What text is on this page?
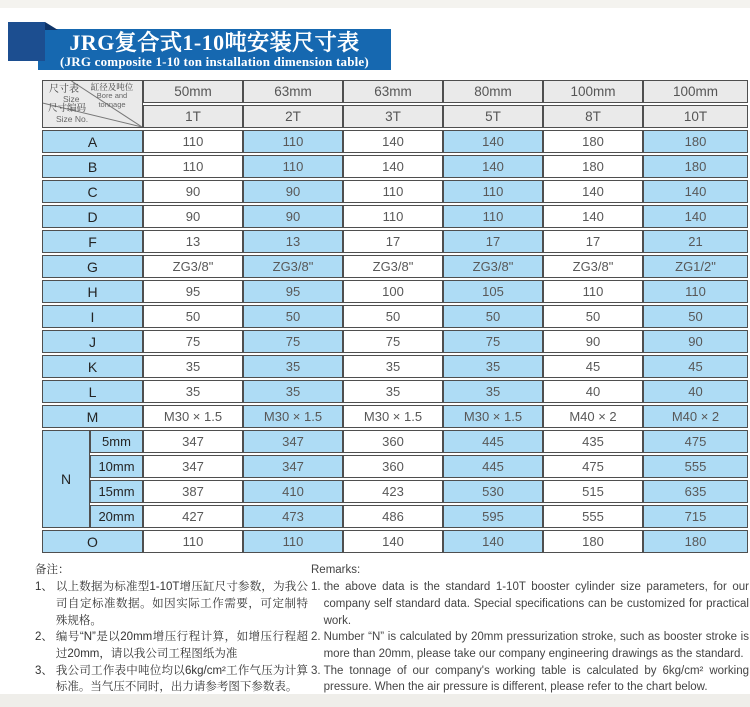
JRG复合式1-10吨安装尺寸表
(JRG composite 1-10 ton installation dimension table)
缸径及吨位
Bore and tonnage
尺寸表
Size
尺寸编码
Size No.
	50mm	63mm	63mm	80mm	100mm	100mm
		1T	2T	3T	5T	8T	10T
A		110	110	140	140	180	180
B		110	110	140	140	180	180
C		90	90	110	110	140	140
D		90	90	110	110	140	140
F		13	13	17	17	17	21
G		ZG3/8"	ZG3/8"	ZG3/8"	ZG3/8"	ZG3/8"	ZG1/2"
H		95	95	100	105	110	110
I		50	50	50	50	50	50
J		75	75	75	75	90	90
K		35	35	35	35	45	45
L		35	35	35	35	40	40
M		M30 × 1.5	M30 × 1.5	M30 × 1.5	M30 × 1.5	M40 × 2	M40 × 2
N	5mm	347	347	360	445	435	475
	10mm	347	347	360	445	475	555
	15mm	387	410	423	530	515	635
	20mm	427	473	486	595	555	715
O		110	110	140	140	180	180
备注：
1、 以上数据为标准型1-10T增压缸尺寸参数，为我公司自定标准数据。如因实际工作需要，可定制特殊规格。
2、 编号“N”是以20mm增压行程计算，如增压行程超过20mm，请以我公司工程图纸为准
3、 我公司工作表中吨位均以6kg/cm²工作气压为计算标准。当气压不同时，出力请参考图下参数表。
Remarks:
1. the above data is the standard 1-10T booster cylinder size parameters, for our company self standard data. Special specifications can be customized for practical work.
2. Number “N” is calculated by 20mm pressurization stroke, such as booster stroke is more than 20mm, please take our company engineering drawings as the standard.
3. The tonnage of our company's working table is calculated by 6kg/cm² working pressure. When the air pressure is different, please refer to the chart below.
